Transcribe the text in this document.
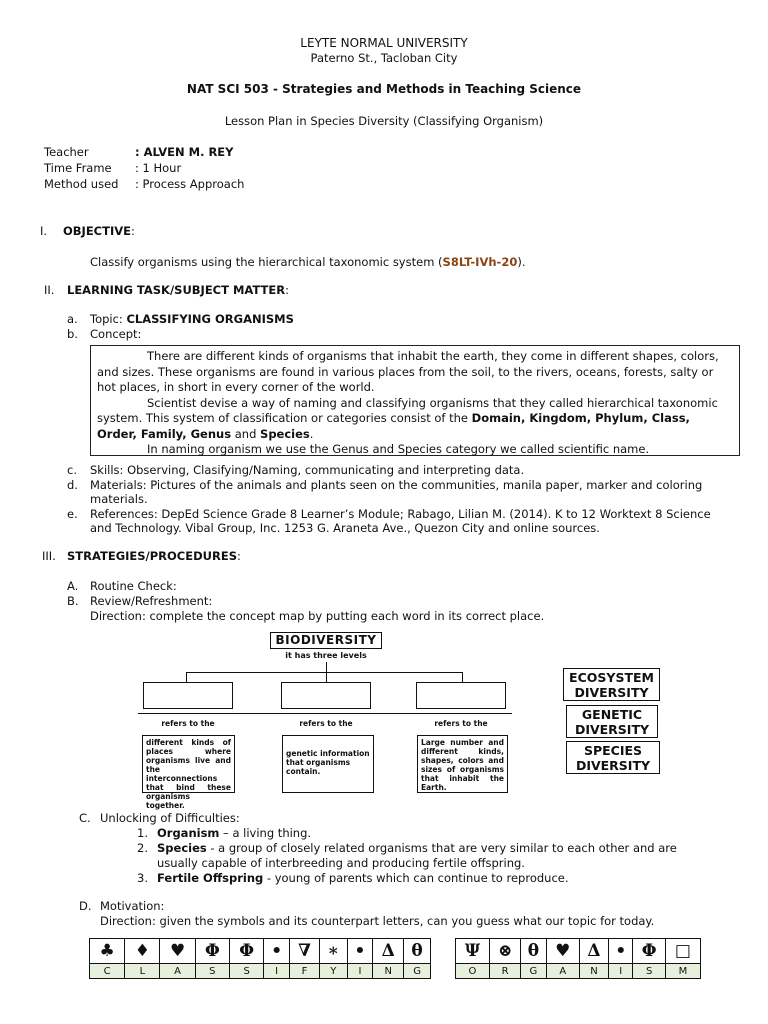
LEYTE NORMAL UNIVERSITY
Paterno St., Tacloban City
NAT SCI 503 - Strategies and Methods in Teaching Science
Lesson Plan in Species Diversity (Classifying Organism)
Teacher	: ALVEN M. REY
Time Frame : 1 Hour
Method used : Process Approach
I. OBJECTIVE:
Classify organisms using the hierarchical taxonomic system (S8LT-IVh-20).
II. LEARNING TASK/SUBJECT MATTER:
a. Topic: CLASSIFYING ORGANISMS
b. Concept:

There are different kinds of organisms that inhabit the earth, they come in different shapes, colors, and sizes. These organisms are found in various places from the soil, to the rivers, oceans, forests, salty or hot places, in short in every corner of the world.

Scientist devise a way of naming and classifying organisms that they called hierarchical taxonomic system. This system of classification or categories consist of the Domain, Kingdom, Phylum, Class, Order, Family, Genus and Species.

In naming organism we use the Genus and Species category we called scientific name.

c. Skills: Observing, Clasifying/Naming, communicating and interpreting data.
d. Materials: Pictures of the animals and plants seen on the communities, manila paper, marker and coloring materials.
e. References: DepEd Science Grade 8 Learner’s Module; Rabago, Lilian M. (2014). K to 12 Worktext 8 Science and Technology. Vibal Group, Inc. 1253 G. Araneta Ave., Quezon City and online sources.
III. STRATEGIES/PROCEDURES:
A. Routine Check:
B. Review/Refreshment:
Direction: complete the concept map by putting each word in its correct place.
BIODIVERSITY
it has three levels
refers to the	refers to the	refers to the
different kinds of places where organisms live and the interconnections that bind these organisms together.
genetic information that organisms contain.
Large number and different kinds, shapes, colors and sizes of organisms that inhabit the Earth.
ECOSYSTEM
DIVERSITY
GENETIC
DIVERSITY
SPECIES
DIVERSITY
C. Unlocking of Difficulties:
1. Organism – a living thing.
2. Species - a group of closely related organisms that are very similar to each other and are
usually capable of interbreeding and producing fertile offspring.
3. Fertile Offspring - young of parents which can continue to reproduce.
D. Motivation:
Direction: given the symbols and its counterpart letters, can you guess what our topic for today.
♣	♦	♥	Φ	Φ	•	∇	∗	•	Δ	θ
C	L	A	S	S	I	F	Y	I	N	G
Ψ	⊗	θ	♥	Δ	•	Φ	□
O	R	G	A	N	I	S	M
